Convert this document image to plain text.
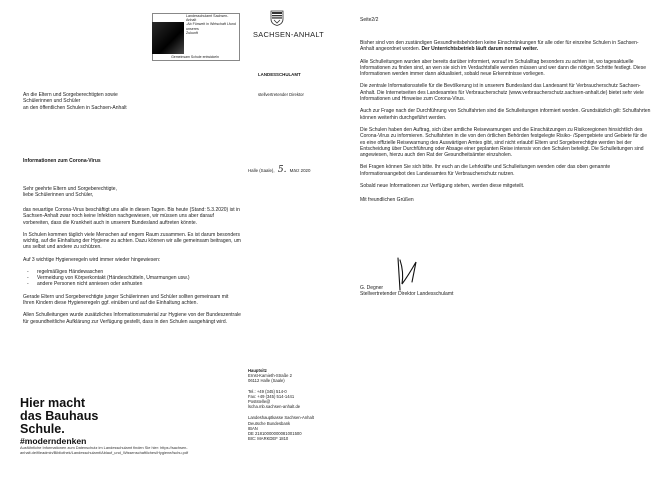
Landesschulamt Sachsen-Anhalt
-Ab Fünweit in Wirtschaft Lfund unseres
Zukunft
Gemeinsam Schule entwickeln
SACHSEN-ANHALT
LANDESSCHULAMT
stellvertretender Direktor
An die Eltern und Sorgeberechtigten sowie
Schülerinnen und Schüler
an den öffentlichen Schulen in Sachsen-Anhalt
Halle (Saale), 5. März 2020
Informationen zum Corona-Virus
Sehr geehrte Eltern und Sorgeberechtigte,
liebe Schülerinnen und Schüler,

das neuartige Corona-Virus beschäftigt uns alle in diesen Tagen. Bis heute (Stand: 5.3.2020) ist in Sachsen-Anhalt zwar noch keine Infektion nachgewiesen, wir müssen uns aber darauf vorbereiten, dass die Krankheit auch in unserem Bundesland auftreten könnte.

In Schulen kommen täglich viele Menschen auf engem Raum zusammen. Es ist darum besonders wichtig, auf die Einhaltung der Hygiene zu achten. Dazu können wir alle gemeinsam beitragen, um uns selbst und andere zu schützen.

Auf 3 wichtige Hygieneregeln wird immer wieder hingewiesen:

- regelmäßiges Händewaschen
- Vermeidung von Körperkontakt (Händeschütteln, Umarmungen usw.)
- andere Personen nicht anniesen oder anhusten

Gerade Eltern und Sorgeberechtigte junger Schülerinnen und Schüler sollten gemeinsam mit Ihren Kindern diese Hygieneregeln ggf. einüben und auf die Einhaltung achten.

Allen Schulleitungen wurde zusätzliches Informationsmaterial zur Hygiene von der Bundeszentrale für gesundheitliche Aufklärung zur Verfügung gestellt, dass in den Schulen ausgehängt wird.

Hier macht
das Bauhaus
Schule.
#moderndenken
Ausführliche Informationen zum Datenschutz im Landesschulamt finden Sie hier: https://sachsen-anhalt.de/fileadmin/Bibliothek/Landesschulamt/Ablauf_und_Wissenschaftliches/Hygiene/lschu.pdf
Hauptsitz
Ernst-Kamieth-Straße 2
06112 Halle (Saale)
Tel.: +49 (345) 514-0
Fax: +49 (345) 514-1441
Poststelle@
lscha.mb.sachsen-anhalt.de
Landeshauptkasse Sachsen-Anhalt
Deutsche Bundesbank
IBAN
DE 21810000000081001500
BIC: MARKDEF 1810
Seite2/2

Bisher sind von den zuständigen Gesundheitsbehörden keine Einschränkungen für alle oder für einzelne Schulen in Sachsen-Anhalt angeordnet worden. Der Unterrichtsbetrieb läuft darum normal weiter.

Alle Schulleitungen wurden aber bereits darüber informiert, worauf im Schulalltag besonders zu achten ist, wo tagesaktuelle Informationen zu finden sind, an wen sie sich im Verdachtsfalle wenden müssen und wer dann die nötigen Schritte festlegt. Diese Informationen werden immer dann aktualisiert, sobald neue Erkenntnisse vorliegen.

Die zentrale Informationsstelle für die Bevölkerung ist in unserem Bundesland das Landesamt für Verbraucherschutz Sachsen-Anhalt. Die Internetseiten des Landesamtes für Verbraucherschutz (www.verbraucherschutz.sachsen-anhalt.de) bietet sehr viele Informationen und Hinweise zum Corona-Virus.

Auch zur Frage nach der Durchführung von Schulfahrten sind die Schulleitungen informiert worden. Grundsätzlich gilt: Schulfahrten können weiterhin durchgeführt werden.

Die Schulen haben den Auftrag, sich über amtliche Reisewarnungen und die Einschätzungen zu Risikoregionen hinsichtlich des Corona-Virus zu informieren. Schulfahrten in die von den örtlichen Behörden festgelegte Risiko- /Sperrgebiete und Gebiete für die es eine offizielle Reisewarnung des Auswärtigen Amtes gibt, sind nicht erlaubt! Eltern und Sorgeberechtigte werden bei der Entscheidung über Durchführung oder Absage einer geplanten Reise intensiv von den Schulen beteiligt. Die Schulleitungen sind angewiesen, hierzu auch den Rat der Gesundheitsämter einzuholen.

Bei Fragen können Sie sich bitte. Ihr euch an die Lehrkräfte und Schulleitungen wenden oder das oben genannte Informationsangebot des Landesamtes für Verbraucherschutz nutzen.

Sobald neue Informationen zur Verfügung stehen, werden diese mitgeteilt.

Mit freundlichen Grüßen

G. Degner
Stellvertretender Direktor Landesschulamt
